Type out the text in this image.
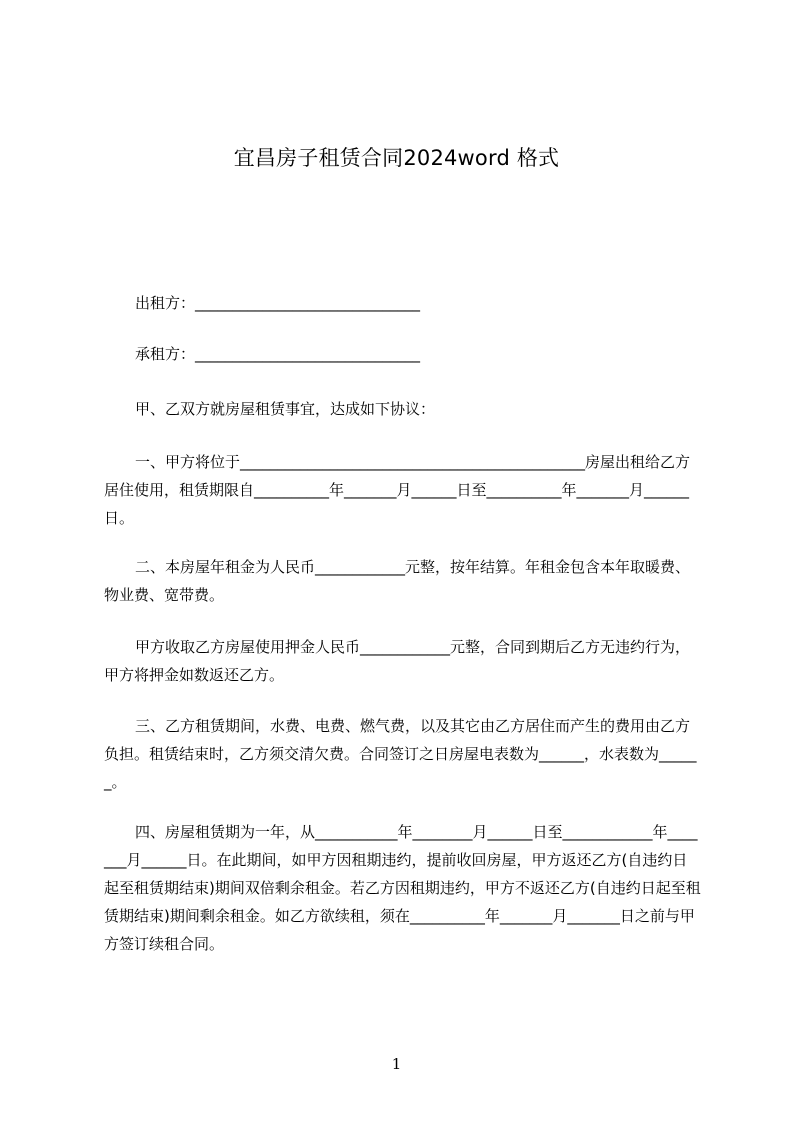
宜昌房子租赁合同2024word 格式
出租方：______________________________
承租方：______________________________
甲、乙双方就房屋租赁事宜，达成如下协议：
一、甲方将位于______________________________________________房屋出租给乙方居住使用，租赁期限自__________年_______月______日至__________年_______月______日。
二、本房屋年租金为人民币____________元整，按年结算。年租金包含本年取暖费、物业费、宽带费。
甲方收取乙方房屋使用押金人民币____________元整，合同到期后乙方无违约行为，甲方将押金如数返还乙方。
三、乙方租赁期间，水费、电费、燃气费，以及其它由乙方居住而产生的费用由乙方负担。租赁结束时，乙方须交清欠费。合同签订之日房屋电表数为______，水表数为______。
四、房屋租赁期为一年，从___________年________月______日至____________年_______月______日。在此期间，如甲方因租期违约，提前收回房屋，甲方返还乙方(自违约日起至租赁期结束)期间双倍剩余租金。若乙方因租期违约，甲方不返还乙方(自违约日起至租赁期结束)期间剩余租金。如乙方欲续租，须在__________年_______月_______日之前与甲方签订续租合同。
1
